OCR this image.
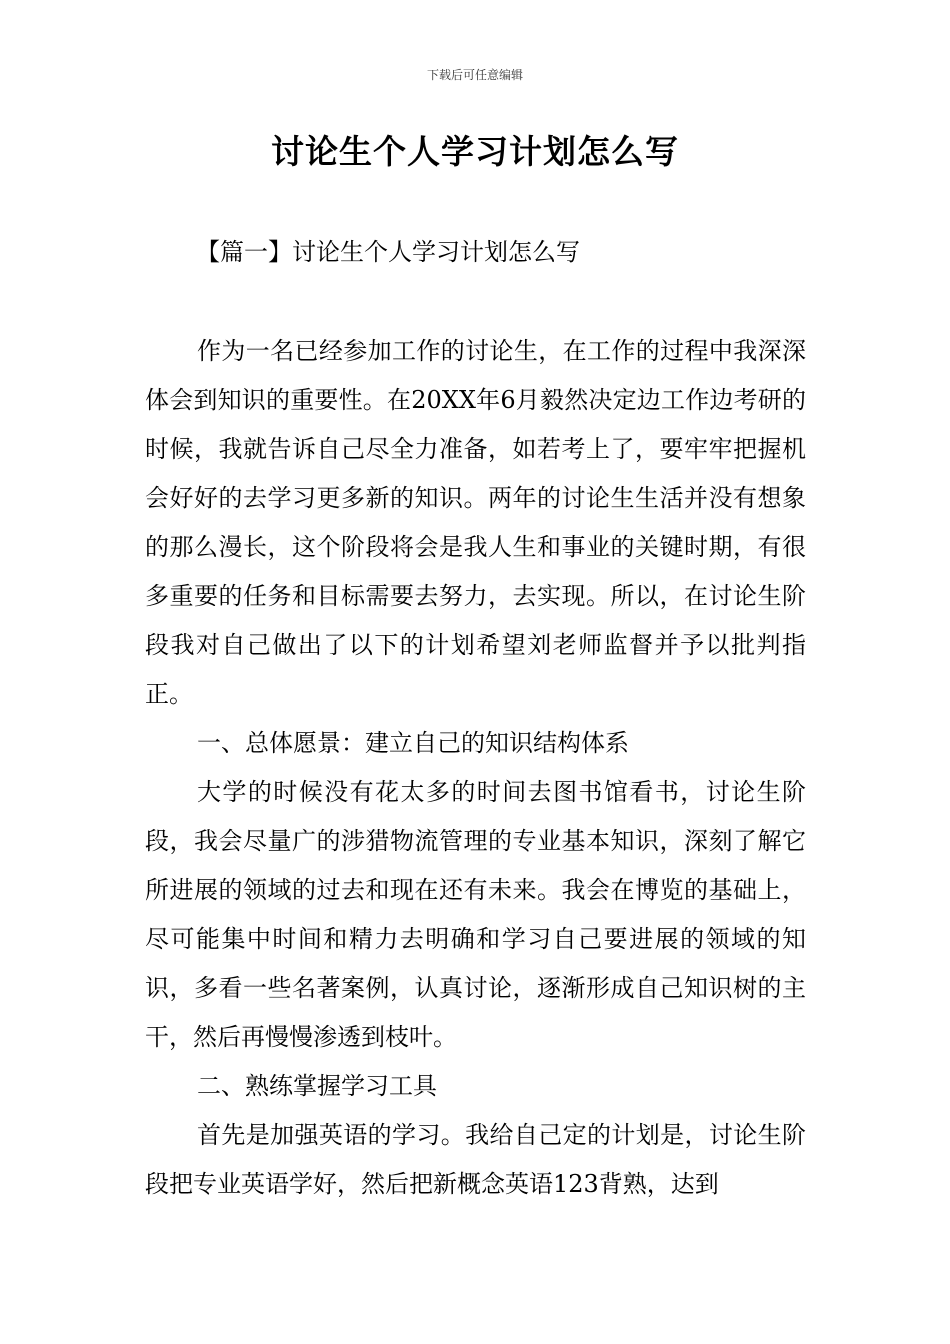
下载后可任意编辑
讨论生个人学习计划怎么写
【篇一】讨论生个人学习计划怎么写

作为一名已经参加工作的讨论生，在工作的过程中我深深体会到知识的重要性。在20XX年6月毅然决定边工作边考研的时候，我就告诉自己尽全力准备，如若考上了，要牢牢把握机会好好的去学习更多新的知识。两年的讨论生生活并没有想象的那么漫长，这个阶段将会是我人生和事业的关键时期，有很多重要的任务和目标需要去努力，去实现。所以，在讨论生阶段我对自己做出了以下的计划希望刘老师监督并予以批判指正。

一、总体愿景：建立自己的知识结构体系

大学的时候没有花太多的时间去图书馆看书，讨论生阶段，我会尽量广的涉猎物流管理的专业基本知识，深刻了解它所进展的领域的过去和现在还有未来。我会在博览的基础上，尽可能集中时间和精力去明确和学习自己要进展的领域的知识，多看一些名著案例，认真讨论，逐渐形成自己知识树的主干，然后再慢慢渗透到枝叶。

二、熟练掌握学习工具

首先是加强英语的学习。我给自己定的计划是，讨论生阶段把专业英语学好，然后把新概念英语123背熟，达到
